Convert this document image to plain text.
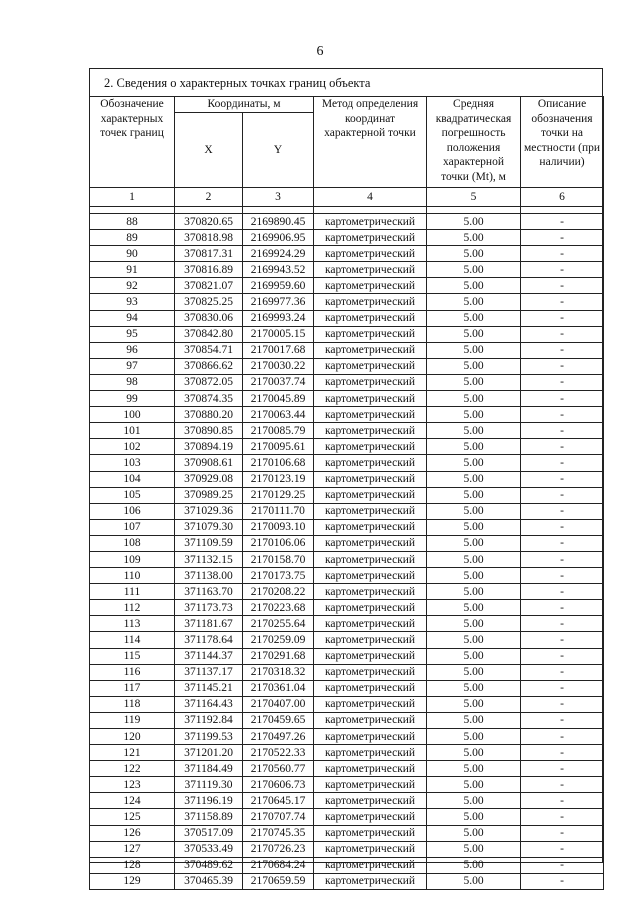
6
2. Сведения о характерных точках границ объекта
Обозначение характерных точек границ	Координаты, м		Метод определения координат характерной точки	Средняя квадратическая погрешность положения характерной точки (Mt), м	Описание обозначения точки на местности (при наличии)
	X	Y			
1	2	3	4	5	6

88	370820.65	2169890.45	картометрический	5.00	-
89	370818.98	2169906.95	картометрический	5.00	-
90	370817.31	2169924.29	картометрический	5.00	-
91	370816.89	2169943.52	картометрический	5.00	-
92	370821.07	2169959.60	картометрический	5.00	-
93	370825.25	2169977.36	картометрический	5.00	-
94	370830.06	2169993.24	картометрический	5.00	-
95	370842.80	2170005.15	картометрический	5.00	-
96	370854.71	2170017.68	картометрический	5.00	-
97	370866.62	2170030.22	картометрический	5.00	-
98	370872.05	2170037.74	картометрический	5.00	-
99	370874.35	2170045.89	картометрический	5.00	-
100	370880.20	2170063.44	картометрический	5.00	-
101	370890.85	2170085.79	картометрический	5.00	-
102	370894.19	2170095.61	картометрический	5.00	-
103	370908.61	2170106.68	картометрический	5.00	-
104	370929.08	2170123.19	картометрический	5.00	-
105	370989.25	2170129.25	картометрический	5.00	-
106	371029.36	2170111.70	картометрический	5.00	-
107	371079.30	2170093.10	картометрический	5.00	-
108	371109.59	2170106.06	картометрический	5.00	-
109	371132.15	2170158.70	картометрический	5.00	-
110	371138.00	2170173.75	картометрический	5.00	-
111	371163.70	2170208.22	картометрический	5.00	-
112	371173.73	2170223.68	картометрический	5.00	-
113	371181.67	2170255.64	картометрический	5.00	-
114	371178.64	2170259.09	картометрический	5.00	-
115	371144.37	2170291.68	картометрический	5.00	-
116	371137.17	2170318.32	картометрический	5.00	-
117	371145.21	2170361.04	картометрический	5.00	-
118	371164.43	2170407.00	картометрический	5.00	-
119	371192.84	2170459.65	картометрический	5.00	-
120	371199.53	2170497.26	картометрический	5.00	-
121	371201.20	2170522.33	картометрический	5.00	-
122	371184.49	2170560.77	картометрический	5.00	-
123	371119.30	2170606.73	картометрический	5.00	-
124	371196.19	2170645.17	картометрический	5.00	-
125	371158.89	2170707.74	картометрический	5.00	-
126	370517.09	2170745.35	картометрический	5.00	-
127	370533.49	2170726.23	картометрический	5.00	-
128	370489.62	2170684.24	картометрический	5.00	-
129	370465.39	2170659.59	картометрический	5.00	-
